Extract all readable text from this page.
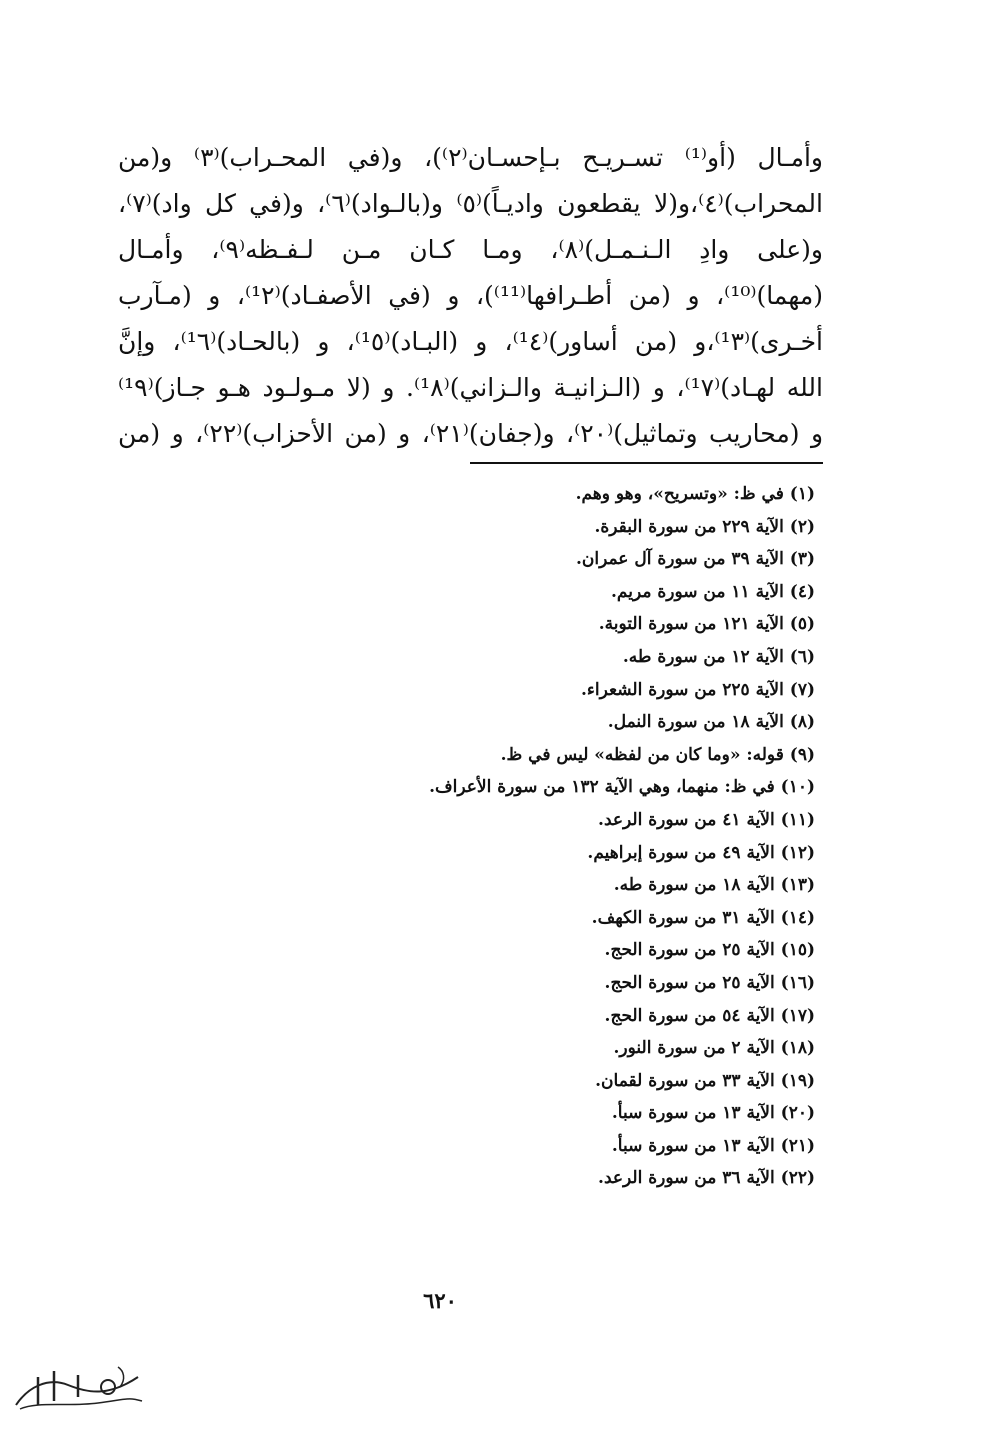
وأمـال (أو⁽¹⁾ تسـريـح بـإحسـان⁽٢⁾)، و(في المحـراب)⁽٣⁾ و(من
المحراب)⁽٤⁾،و(لا يقطعون واديـاً)⁽٥⁾ و(بالـواد)⁽٦⁾، و(في كل واد)⁽٧⁾،
و(على وادِ الـنـمـل)⁽٨⁾، ومـا كـان مـن لـفـظه⁽٩⁾، وأمـال
(مهما)⁽¹⁰⁾، و (من أطـرافها⁽¹¹⁾)، و (في الأصفـاد)⁽¹٢⁾، و (مـآرب
أخـرى)⁽¹٣⁾،و (من أساور)⁽¹٤⁾، و (البـاد)⁽¹٥⁾، و (بالحـاد)⁽¹٦⁾، وإنَّ
الله لهـاد)⁽¹٧⁾، و (الـزانيـة والـزاني)⁽¹٨⁾. و (لا مـولـود هـو جـاز)⁽¹٩⁾
و (محاريب وتماثيل)⁽٢٠⁾، و(جفان)⁽٢١⁾، و (من الأحزاب)⁽٢٢⁾، و (من
(١) في ظ: «وتسريح»، وهو وهم.
(٢) الآية ٢٢٩ من سورة البقرة.
(٣) الآية ٣٩ من سورة آل عمران.
(٤) الآية ١١ من سورة مريم.
(٥) الآية ١٢١ من سورة التوبة.
(٦) الآية ١٢ من سورة طه.
(٧) الآية ٢٢٥ من سورة الشعراء.
(٨) الآية ١٨ من سورة النمل.
(٩) قوله: «وما كان من لفظه» ليس في ظ.
(١٠) في ظ: منهما، وهي الآية ١٣٢ من سورة الأعراف.
(١١) الآية ٤١ من سورة الرعد.
(١٢) الآية ٤٩ من سورة إبراهيم.
(١٣) الآية ١٨ من سورة طه.
(١٤) الآية ٣١ من سورة الكهف.
(١٥) الآية ٢٥ من سورة الحج.
(١٦) الآية ٢٥ من سورة الحج.
(١٧) الآية ٥٤ من سورة الحج.
(١٨) الآية ٢ من سورة النور.
(١٩) الآية ٣٣ من سورة لقمان.
(٢٠) الآية ١٣ من سورة سبأ.
(٢١) الآية ١٣ من سورة سبأ.
(٢٢) الآية ٣٦ من سورة الرعد.
٦٢٠
